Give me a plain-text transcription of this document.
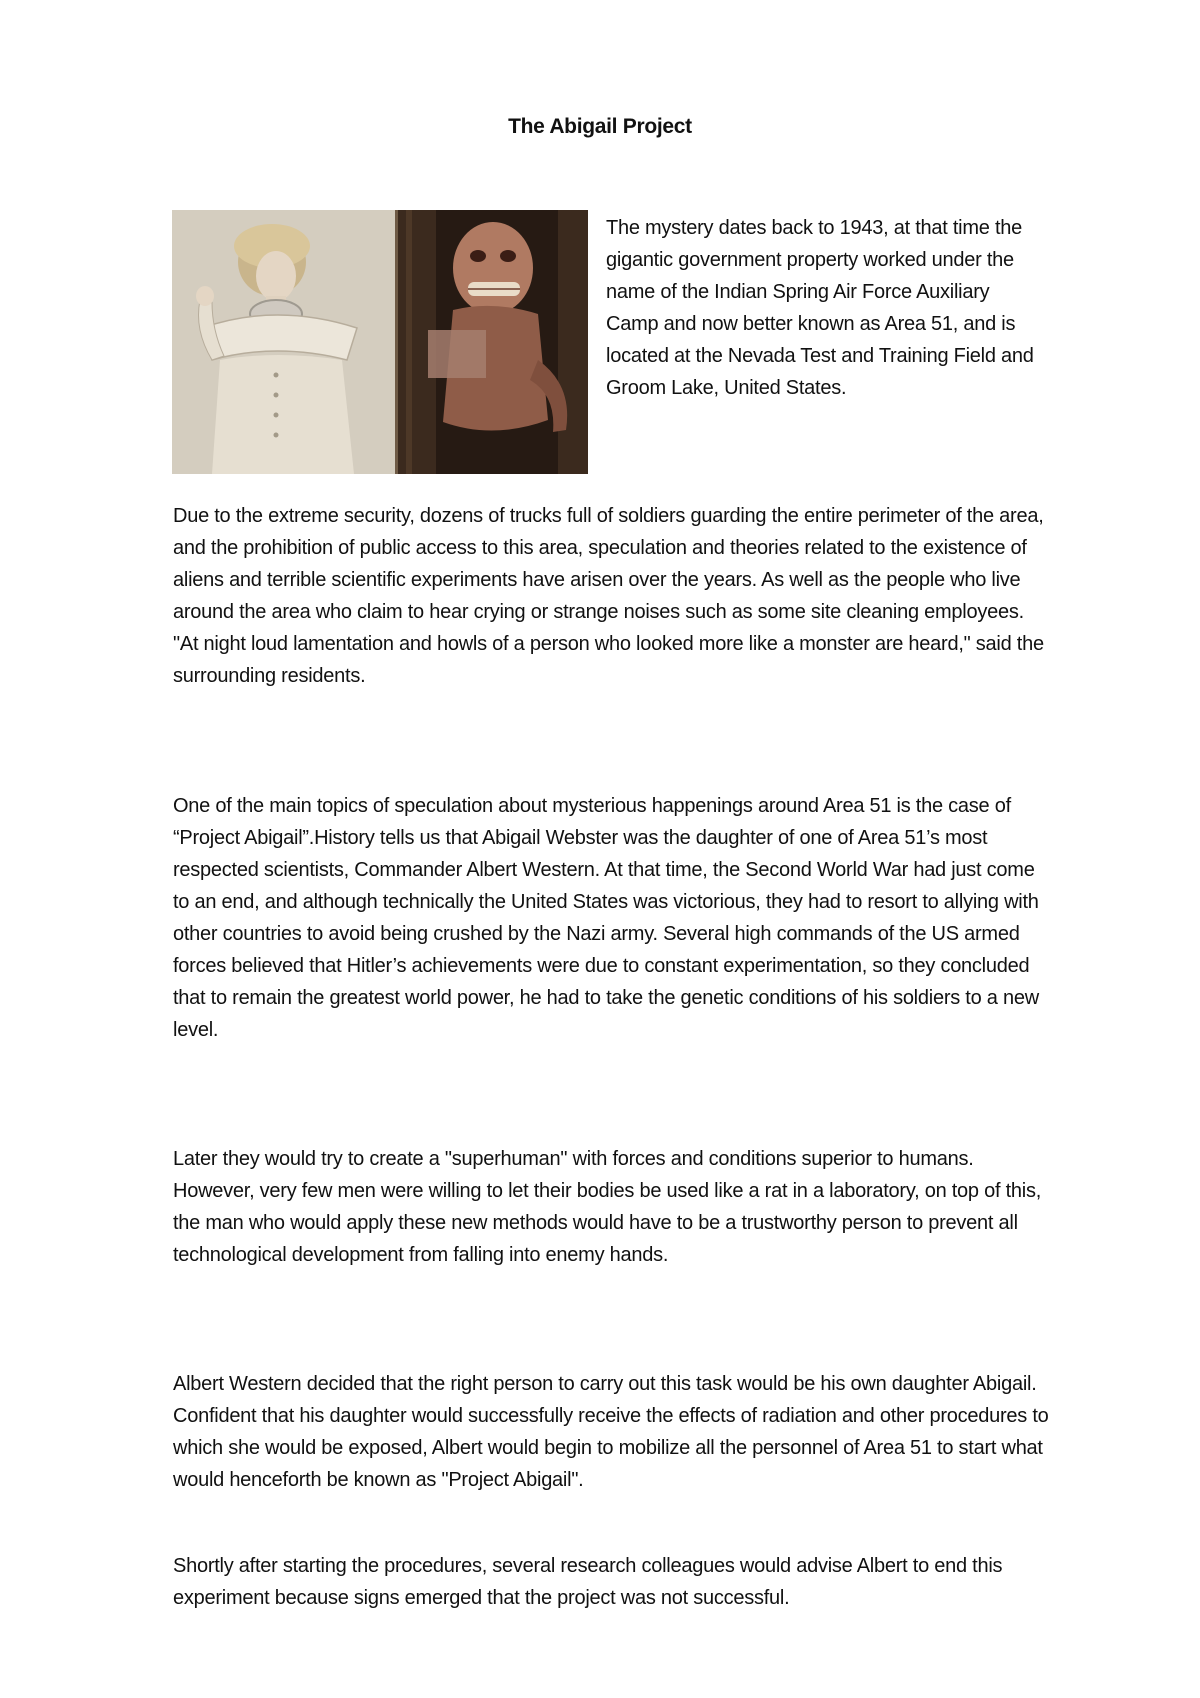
The Abigail Project

The mystery dates back to 1943, at that time the gigantic government property worked under the name of the Indian Spring Air Force Auxiliary Camp and now better known as Area 51, and is located at the Nevada Test and Training Field and Groom Lake, United States.

Due to the extreme security, dozens of trucks full of soldiers guarding the entire perimeter of the area, and the prohibition of public access to this area, speculation and theories related to the existence of aliens and terrible scientific experiments have arisen over the years. As well as the people who live around the area who claim to hear crying or strange noises such as some site cleaning employees. "At night loud lamentation and howls of a person who looked more like a monster are heard," said the surrounding residents.

One of the main topics of speculation about mysterious happenings around Area 51 is the case of “Project Abigail”.History tells us that Abigail Webster was the daughter of one of Area 51’s most respected scientists, Commander Albert Western. At that time, the Second World War had just come to an end, and although technically the United States was victorious, they had to resort to allying with other countries to avoid being crushed by the Nazi army. Several high commands of the US armed forces believed that Hitler’s achievements were due to constant experimentation, so they concluded that to remain the greatest world power, he had to take the genetic conditions of his soldiers to a new level.

Later they would try to create a "superhuman" with forces and conditions superior to humans. However, very few men were willing to let their bodies be used like a rat in a laboratory, on top of this, the man who would apply these new methods would have to be a trustworthy person to prevent all technological development from falling into enemy hands.

Albert Western decided that the right person to carry out this task would be his own daughter Abigail. Confident that his daughter would successfully receive the effects of radiation and other procedures to which she would be exposed, Albert would begin to mobilize all the personnel of Area 51 to start what would henceforth be known as "Project Abigail".

Shortly after starting the procedures, several research colleagues would advise Albert to end this experiment because signs emerged that the project was not successful.
